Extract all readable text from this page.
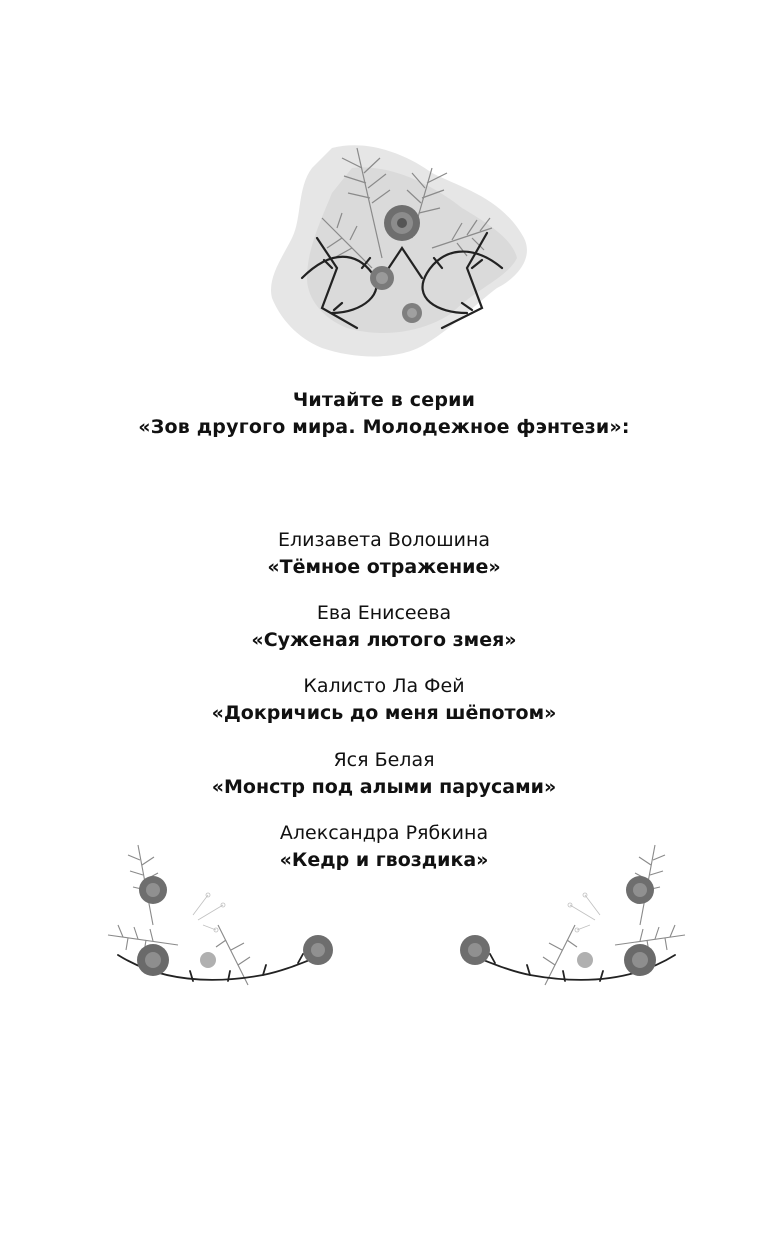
Читайте в серии
«Зов другого мира. Молодежное фэнтези»:
Елизавета Волошина
«Тёмное отражение»
Ева Енисеева
«Суженая лютого змея»
Калисто Ла Фей
«Докричись до меня шёпотом»
Яся Белая
«Монстр под алыми парусами»
Александра Рябкина
«Кедр и гвоздика»
